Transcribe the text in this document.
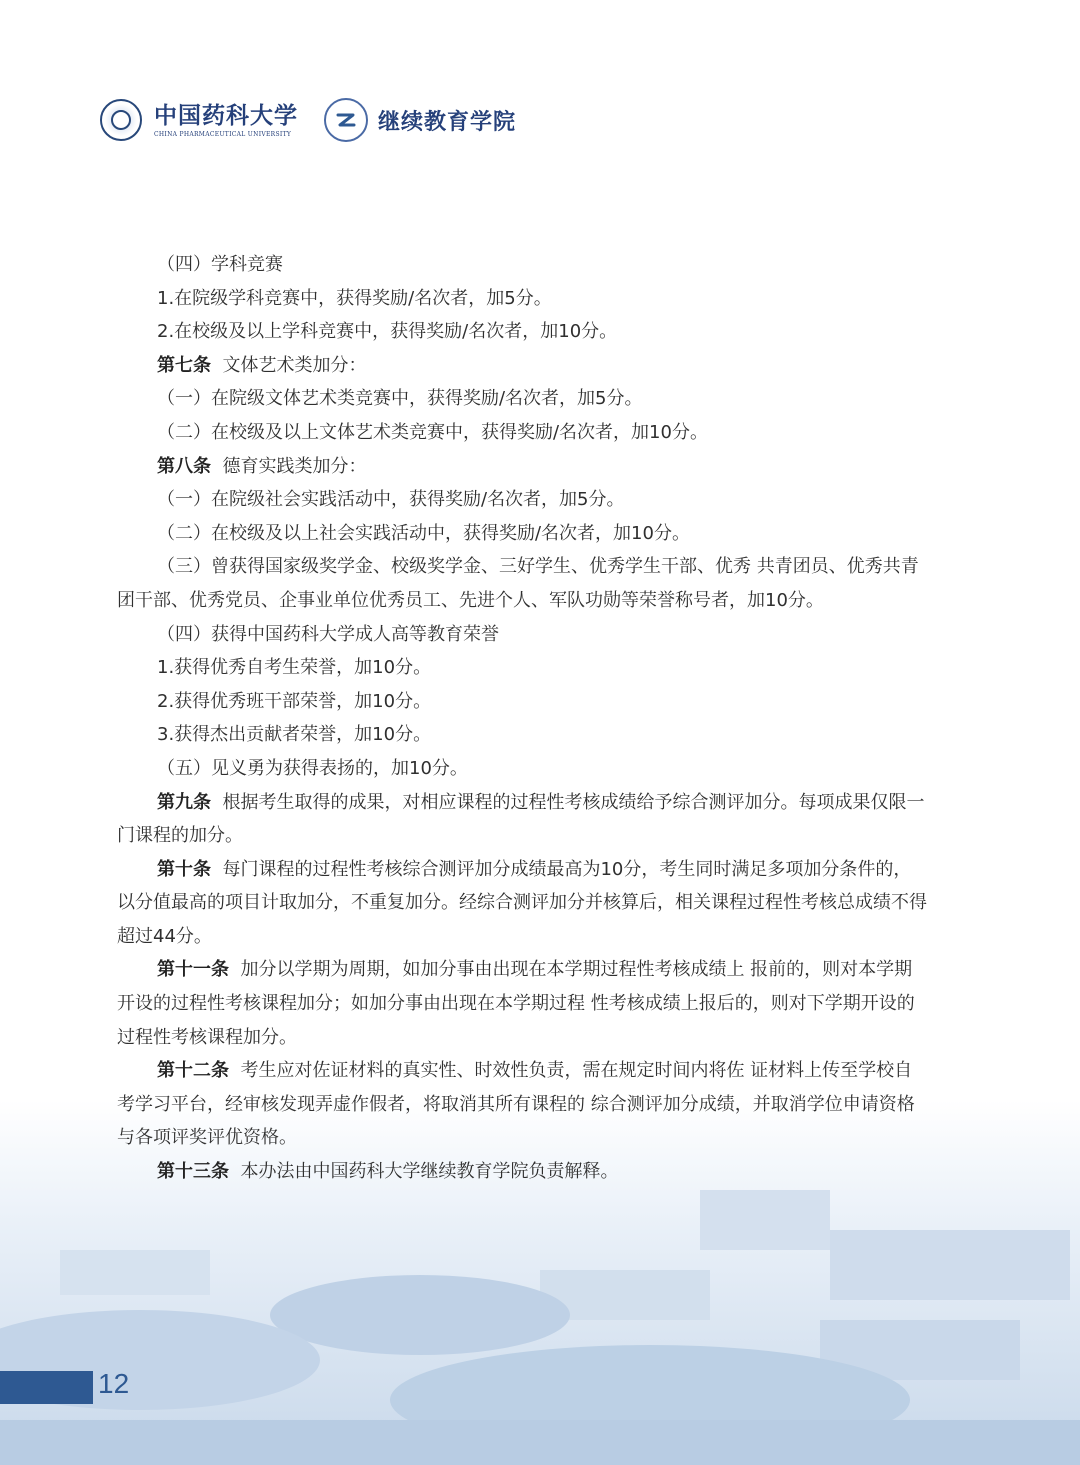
中国药科大学
CHINA PHARMACEUTICAL UNIVERSITY	继续教育学院

（四）学科竞赛

1.在院级学科竞赛中，获得奖励/名次者，加5分。

2.在校级及以上学科竞赛中，获得奖励/名次者，加10分。

第七条 文体艺术类加分：

（一）在院级文体艺术类竞赛中，获得奖励/名次者，加5分。

（二）在校级及以上文体艺术类竞赛中，获得奖励/名次者，加10分。

第八条 德育实践类加分：

（一）在院级社会实践活动中，获得奖励/名次者，加5分。

（二）在校级及以上社会实践活动中，获得奖励/名次者，加10分。

（三）曾获得国家级奖学金、校级奖学金、三好学生、优秀学生干部、优秀 共青团员、优秀共青团干部、优秀党员、企事业单位优秀员工、先进个人、军队功勋等荣誉称号者，加10分。

（四）获得中国药科大学成人高等教育荣誉

1.获得优秀自考生荣誉，加10分。

2.获得优秀班干部荣誉，加10分。

3.获得杰出贡献者荣誉，加10分。

（五）见义勇为获得表扬的，加10分。

第九条 根据考生取得的成果，对相应课程的过程性考核成绩给予综合测评加分。每项成果仅限一门课程的加分。

第十条 每门课程的过程性考核综合测评加分成绩最高为10分，考生同时满足多项加分条件的，以分值最高的项目计取加分，不重复加分。经综合测评加分并核算后，相关课程过程性考核总成绩不得超过44分。

第十一条 加分以学期为周期，如加分事由出现在本学期过程性考核成绩上 报前的，则对本学期开设的过程性考核课程加分；如加分事由出现在本学期过程 性考核成绩上报后的，则对下学期开设的过程性考核课程加分。

第十二条 考生应对佐证材料的真实性、时效性负责，需在规定时间内将佐 证材料上传至学校自考学习平台，经审核发现弄虚作假者，将取消其所有课程的 综合测评加分成绩，并取消学位申请资格与各项评奖评优资格。

第十三条 本办法由中国药科大学继续教育学院负责解释。

12
